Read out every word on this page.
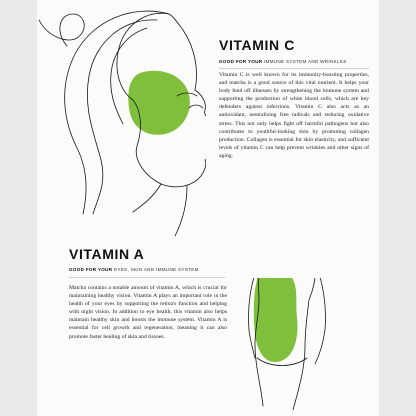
VITAMIN C
GOOD FOR YOUR IMMUNE SYSTEM AND WRINKLES
Vitamin C is well known for its immunity-boosting properties, and matcha is a good source of this vital nutrient. It helps your body fend off illnesses by strengthening the immune system and supporting the production of white blood cells, which are key defenders against infections. Vitamin C also acts as an antioxidant, neutralizing free radicals and reducing oxidative stress. This not only helps fight off harmful pathogens but also contributes to youthful-looking skin by promoting collagen production. Collagen is essential for skin elasticity, and sufficient levels of vitamin C can help prevent wrinkles and other signs of aging.
VITAMIN A
GOOD FOR YOUR EYES, SKIN AND IMMUNE SYSTEM
Matcha contains a notable amount of vitamin A, which is crucial for maintaining healthy vision. Vitamin A plays an important role in the health of your eyes by supporting the retina's function and helping with night vision. In addition to eye health, this vitamin also helps maintain healthy skin and boosts the immune system. Vitamin A is essential for cell growth and regeneration, meaning it can also promote faster healing of skin and tissues.
